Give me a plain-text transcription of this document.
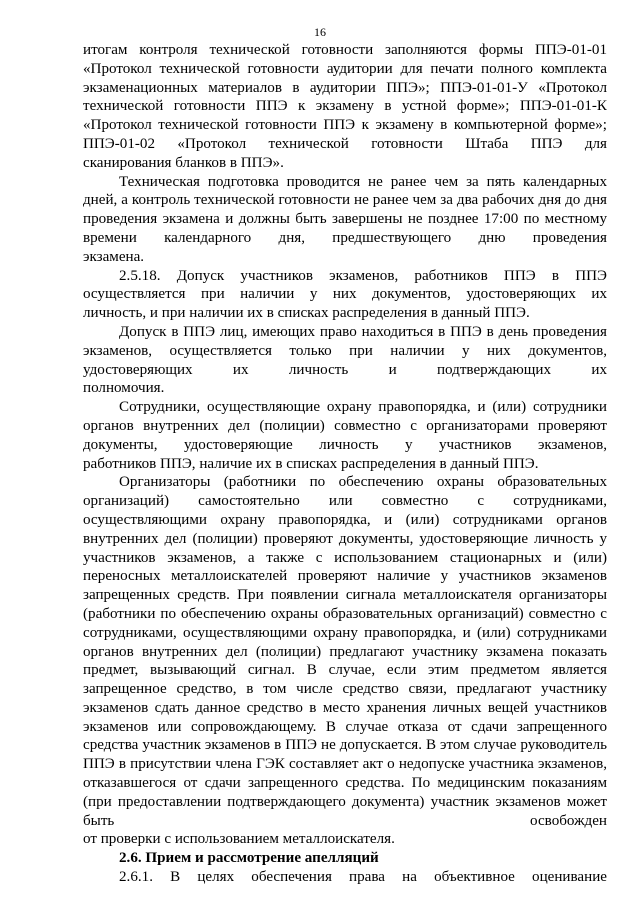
16

итогам контроля технической готовности заполняются формы ППЭ-01-01 «Протокол технической готовности аудитории для печати полного комплекта экзаменационных материалов в аудитории ППЭ»; ППЭ-01-01-У «Протокол технической готовности ППЭ к экзамену в устной форме»; ППЭ-01-01-К «Протокол технической готовности ППЭ к экзамену в компьютерной форме»; ППЭ-01-02 «Протокол технической готовности Штаба ППЭ для

сканирования бланков в ППЭ».

Техническая подготовка проводится не ранее чем за пять календарных дней, а контроль технической готовности не ранее чем за два рабочих дня до дня проведения экзамена и должны быть завершены не позднее 17:00 по местному времени календарного дня, предшествующего дню проведения

экзамена.

2.5.18. Допуск участников экзаменов, работников ППЭ в ППЭ осуществляется при наличии у них документов, удостоверяющих их

личность, и при наличии их в списках распределения в данный ППЭ.

Допуск в ППЭ лиц, имеющих право находиться в ППЭ в день проведения экзаменов, осуществляется только при наличии у них документов, удостоверяющих их личность и подтверждающих их

полномочия.

Сотрудники, осуществляющие охрану правопорядка, и (или) сотрудники органов внутренних дел (полиции) совместно с организаторами проверяют документы, удостоверяющие личность у участников экзаменов,

работников ППЭ, наличие их в списках распределения в данный ППЭ.

Организаторы (работники по обеспечению охраны образовательных организаций) самостоятельно или совместно с сотрудниками, осуществляющими охрану правопорядка, и (или) сотрудниками органов внутренних дел (полиции) проверяют документы, удостоверяющие личность у участников экзаменов, а также с использованием стационарных и (или) переносных металлоискателей проверяют наличие у участников экзаменов запрещенных средств. При появлении сигнала металлоискателя организаторы (работники по обеспечению охраны образовательных организаций) совместно с сотрудниками, осуществляющими охрану правопорядка, и (или) сотрудниками органов внутренних дел (полиции) предлагают участнику экзамена показать предмет, вызывающий сигнал. В случае, если этим предметом является запрещенное средство, в том числе средство связи, предлагают участнику экзаменов сдать данное средство в место хранения личных вещей участников экзаменов или сопровождающему. В случае отказа от сдачи запрещенного средства участник экзаменов в ППЭ не допускается. В этом случае руководитель ППЭ в присутствии члена ГЭК составляет акт о недопуске участника экзаменов, отказавшегося от сдачи запрещенного средства. По медицинским показаниям (при предоставлении подтверждающего документа) участник экзаменов может быть освобожден

от проверки с использованием металлоискателя.

2.6. Прием и рассмотрение апелляций

2.6.1. В целях обеспечения права на объективное оценивание
